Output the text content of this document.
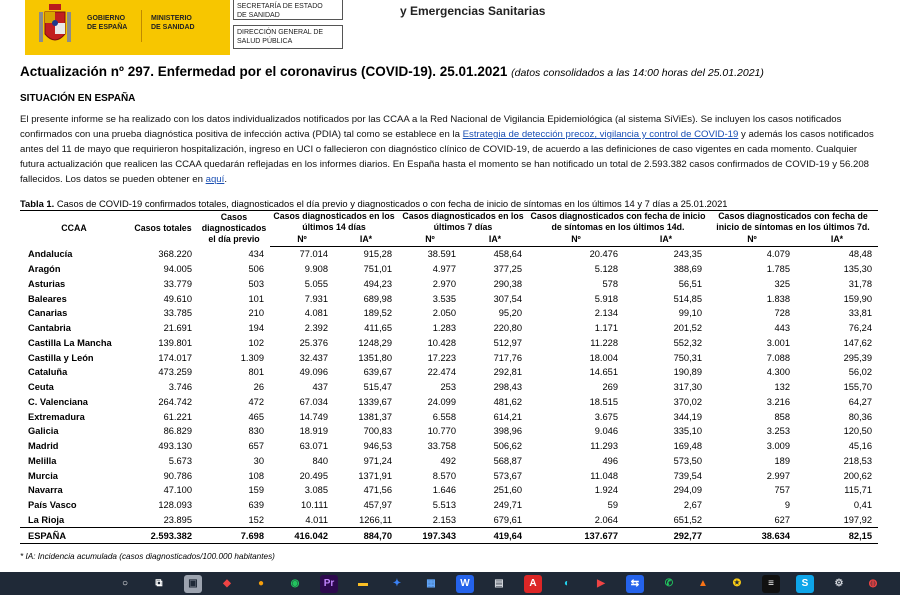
GOBIERNO
DE ESPAÑA
MINISTERIO
DE SANIDAD
SECRETARÍA DE ESTADO
DE SANIDAD
DIRECCIÓN GENERAL DE
SALUD PÚBLICA
y Emergencias Sanitarias
Actualización nº 297. Enfermedad por el coronavirus (COVID-19). 25.01.2021 (datos consolidados a las 14:00 horas del 25.01.2021)
SITUACIÓN EN ESPAÑA
El presente informe se ha realizado con los datos individualizados notificados por las CCAA a la Red Nacional de Vigilancia Epidemiológica (al sistema SiViEs). Se incluyen los casos notificados confirmados con una prueba diagnóstica positiva de infección activa (PDIA) tal como se establece en la Estrategia de detección precoz, vigilancia y control de COVID-19 y además los casos notificados antes del 11 de mayo que requirieron hospitalización, ingreso en UCI o fallecieron con diagnóstico clínico de COVID-19, de acuerdo a las definiciones de caso vigentes en cada momento. Cualquier futura actualización que realicen las CCAA quedarán reflejadas en los informes diarios. En España hasta el momento se han notificado un total de 2.593.382 casos confirmados de COVID-19 y 56.208 fallecidos. Los datos se pueden obtener en aquí.
Tabla 1. Casos de COVID-19 confirmados totales, diagnosticados el día previo y diagnosticados o con fecha de inicio de síntomas en los últimos 14 y 7 días a 25.01.2021
CCAA	Casos totales	Casos diagnosticados el día previo	Casos diagnosticados en los últimos 14 días		Casos diagnosticados en los últimos 7 días		Casos diagnosticados con fecha de inicio de síntomas en los últimos 14d.		Casos diagnosticados con fecha de inicio de síntomas en los últimos 7d.	
			Nº	IA*	Nº	IA*	Nº	IA*	Nº	IA*
Andalucía	368.220	434	77.014	915,28	38.591	458,64	20.476	243,35	4.079	48,48
Aragón	94.005	506	9.908	751,01	4.977	377,25	5.128	388,69	1.785	135,30
Asturias	33.779	503	5.055	494,23	2.970	290,38	578	56,51	325	31,78
Baleares	49.610	101	7.931	689,98	3.535	307,54	5.918	514,85	1.838	159,90
Canarias	33.785	210	4.081	189,52	2.050	95,20	2.134	99,10	728	33,81
Cantabria	21.691	194	2.392	411,65	1.283	220,80	1.171	201,52	443	76,24
Castilla La Mancha	139.801	102	25.376	1248,29	10.428	512,97	11.228	552,32	3.001	147,62
Castilla y León	174.017	1.309	32.437	1351,80	17.223	717,76	18.004	750,31	7.088	295,39
Cataluña	473.259	801	49.096	639,67	22.474	292,81	14.651	190,89	4.300	56,02
Ceuta	3.746	26	437	515,47	253	298,43	269	317,30	132	155,70
C. Valenciana	264.742	472	67.034	1339,67	24.099	481,62	18.515	370,02	3.216	64,27
Extremadura	61.221	465	14.749	1381,37	6.558	614,21	3.675	344,19	858	80,36
Galicia	86.829	830	18.919	700,83	10.770	398,96	9.046	335,10	3.253	120,50
Madrid	493.130	657	63.071	946,53	33.758	506,62	11.293	169,48	3.009	45,16
Melilla	5.673	30	840	971,24	492	568,87	496	573,50	189	218,53
Murcia	90.786	108	20.495	1371,91	8.570	573,67	11.048	739,54	2.997	200,62
Navarra	47.100	159	3.085	471,56	1.646	251,60	1.924	294,09	757	115,71
País Vasco	128.093	639	10.111	457,97	5.513	249,71	59	2,67	9	0,41
La Rioja	23.895	152	4.011	1266,11	2.153	679,61	2.064	651,52	627	197,92
ESPAÑA	2.593.382	7.698	416.042	884,70	197.343	419,64	137.677	292,77	38.634	82,15
* IA: Incidencia acumulada (casos diagnosticados/100.000 habitantes)
○	⧉	▣	◆	●	◉	Pr	▬	✦	▦	W	▤	A	◐	▶	⇆	✆	▲	✪	≡	S	⚙	◍
